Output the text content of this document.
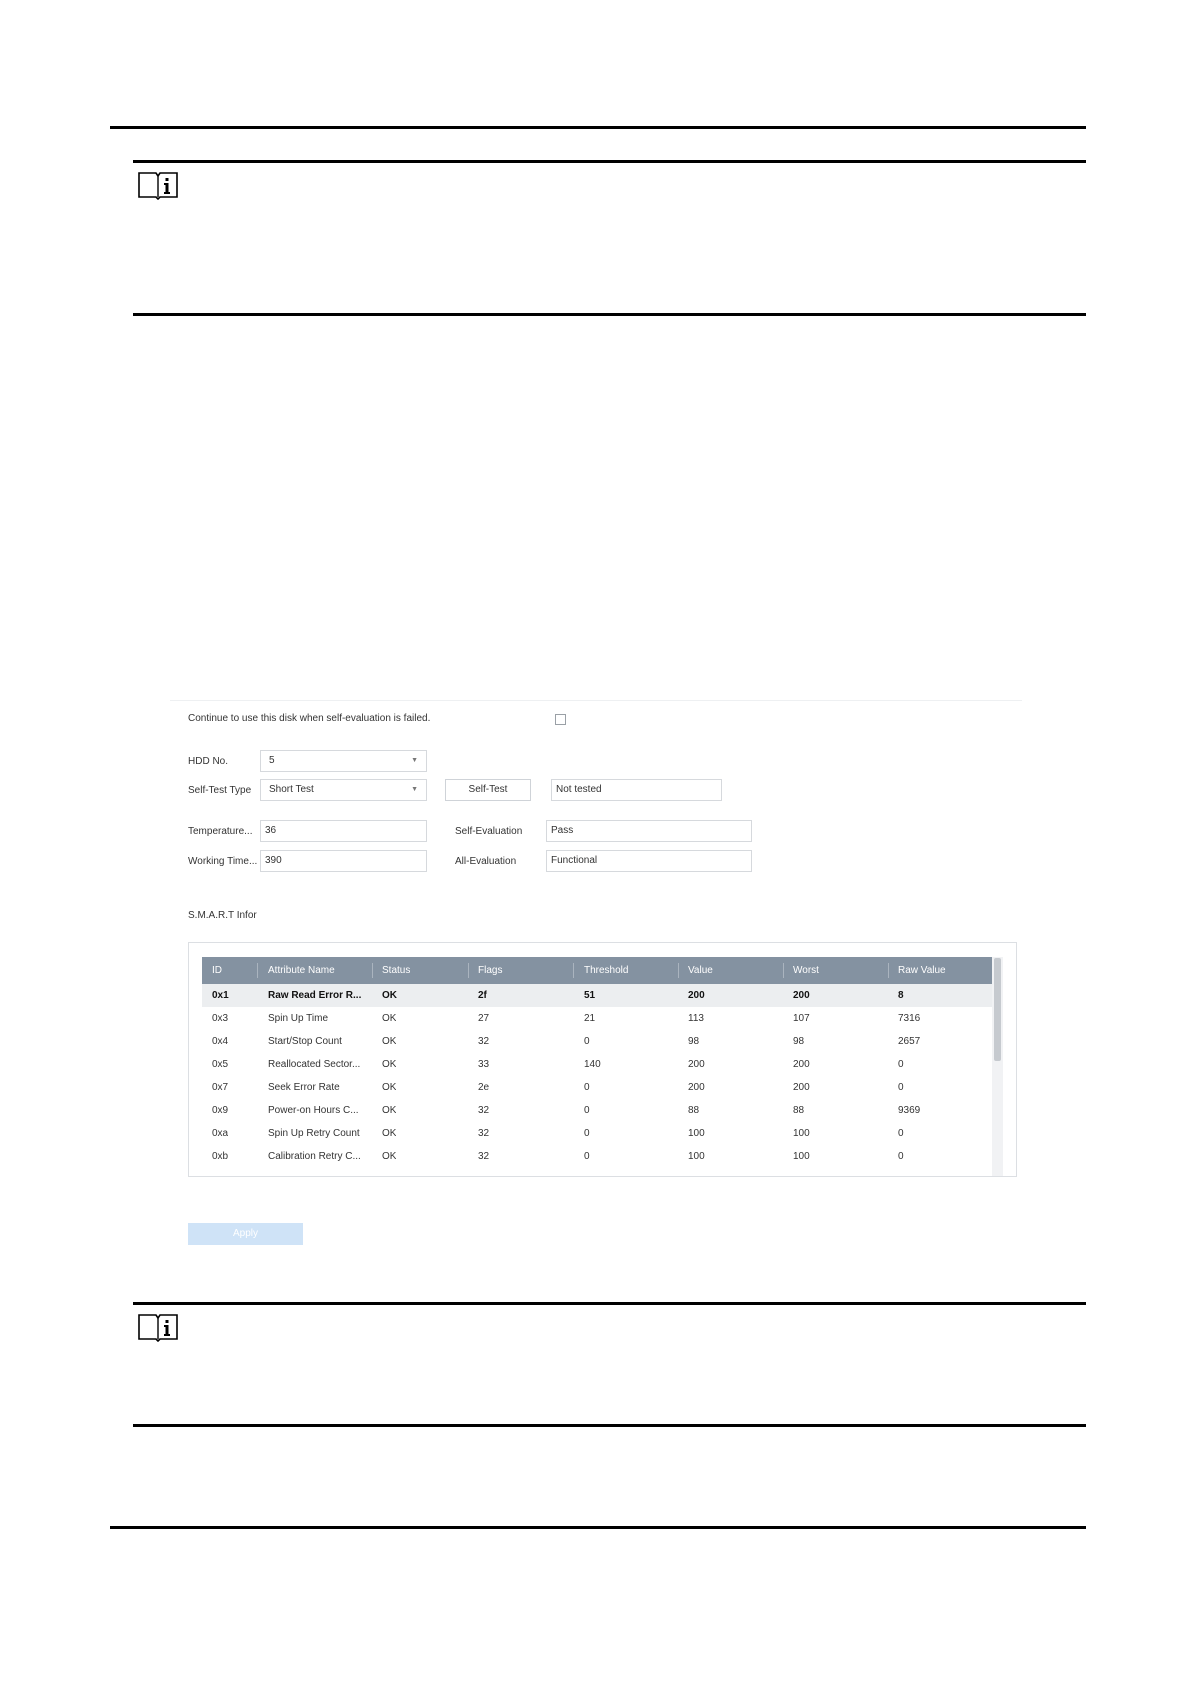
Continue to use this disk when self-evaluation is failed.
HDD No.	5	▼
Self-Test Type	Short Test	▼	Self-Test	Not tested
Temperature...	36	Self-Evaluation	Pass
Working Time... 390	All-Evaluation	Functional
S.M.A.R.T Infor
ID	Attribute Name	Status	Flags	Threshold	Value	Worst	Raw Value
0x1	Raw Read Error R...	OK	2f	51	200	200	8
0x3	Spin Up Time	OK	27	21	113	107	7316
0x4	Start/Stop Count	OK	32	0	98	98	2657
0x5	Reallocated Sector...	OK	33	140	200	200	0
0x7	Seek Error Rate	OK	2e	0	200	200	0
0x9	Power-on Hours C...	OK	32	0	88	88	9369
0xa	Spin Up Retry Count	OK	32	0	100	100	0
0xb	Calibration Retry C...	OK	32	0	100	100	0
Apply
